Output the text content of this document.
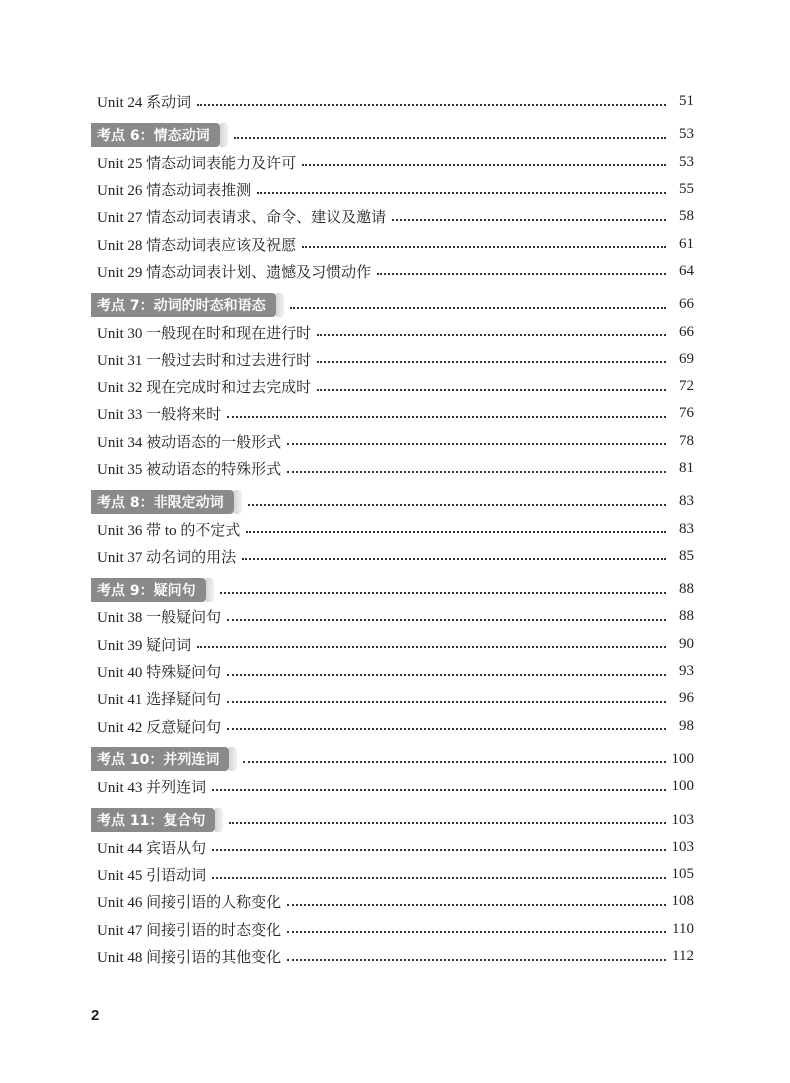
Unit 24 系动词	51
考点 6：情态动词	53
Unit 25 情态动词表能力及许可	53
Unit 26 情态动词表推测	55
Unit 27 情态动词表请求、命令、建议及邀请	58
Unit 28 情态动词表应该及祝愿	61
Unit 29 情态动词表计划、遗憾及习惯动作	64
考点 7：动词的时态和语态	66
Unit 30 一般现在时和现在进行时	66
Unit 31 一般过去时和过去进行时	69
Unit 32 现在完成时和过去完成时	72
Unit 33 一般将来时	76
Unit 34 被动语态的一般形式	78
Unit 35 被动语态的特殊形式	81
考点 8：非限定动词	83
Unit 36 带 to 的不定式	83
Unit 37 动名词的用法	85
考点 9：疑问句	88
Unit 38 一般疑问句	88
Unit 39 疑问词	90
Unit 40 特殊疑问句	93
Unit 41 选择疑问句	96
Unit 42 反意疑问句	98
考点 10：并列连词	100
Unit 43 并列连词	100
考点 11：复合句	103
Unit 44 宾语从句	103
Unit 45 引语动词	105
Unit 46 间接引语的人称变化	108
Unit 47 间接引语的时态变化	110
Unit 48 间接引语的其他变化	112
2
